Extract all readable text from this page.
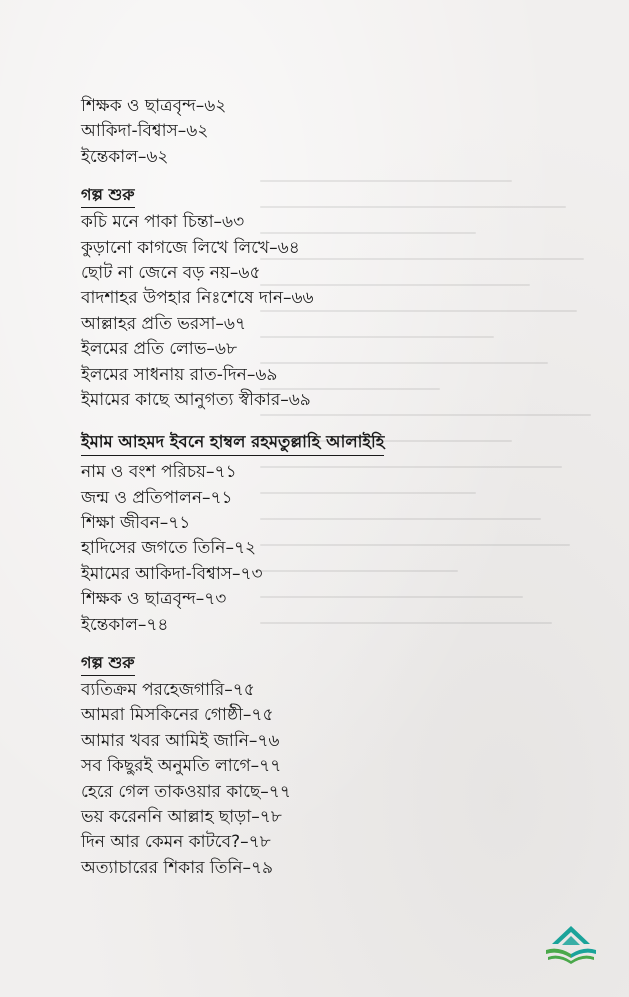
শিক্ষক ও ছাত্রবৃন্দ–৬২
আকিদা-বিশ্বাস–৬২
ইন্তেকাল–৬২
গল্প শুরু
কচি মনে পাকা চিন্তা–৬৩
কুড়ানো কাগজে লিখে লিখে–৬৪
ছোট না জেনে বড় নয়–৬৫
বাদশাহর উপহার নিঃশেষে দান–৬৬
আল্লাহর প্রতি ভরসা–৬৭
ইলমের প্রতি লোভ–৬৮
ইলমের সাধনায় রাত-দিন–৬৯
ইমামের কাছে আনুগত্য স্বীকার–৬৯
ইমাম আহমদ ইবনে হাম্বল রহমতুল্লাহি আলাইহি
নাম ও বংশ পরিচয়–৭১
জন্ম ও প্রতিপালন–৭১
শিক্ষা জীবন–৭১
হাদিসের জগতে তিনি–৭২
ইমামের আকিদা-বিশ্বাস–৭৩
শিক্ষক ও ছাত্রবৃন্দ–৭৩
ইন্তেকাল–৭৪
গল্প শুরু
ব্যতিক্রম পরহেজগারি–৭৫
আমরা মিসকিনের গোষ্ঠী–৭৫
আমার খবর আমিই জানি–৭৬
সব কিছুরই অনুমতি লাগে–৭৭
হেরে গেল তাকওয়ার কাছে–৭৭
ভয় করেননি আল্লাহ ছাড়া–৭৮
দিন আর কেমন কাটবে?–৭৮
অত্যাচারের শিকার তিনি–৭৯
